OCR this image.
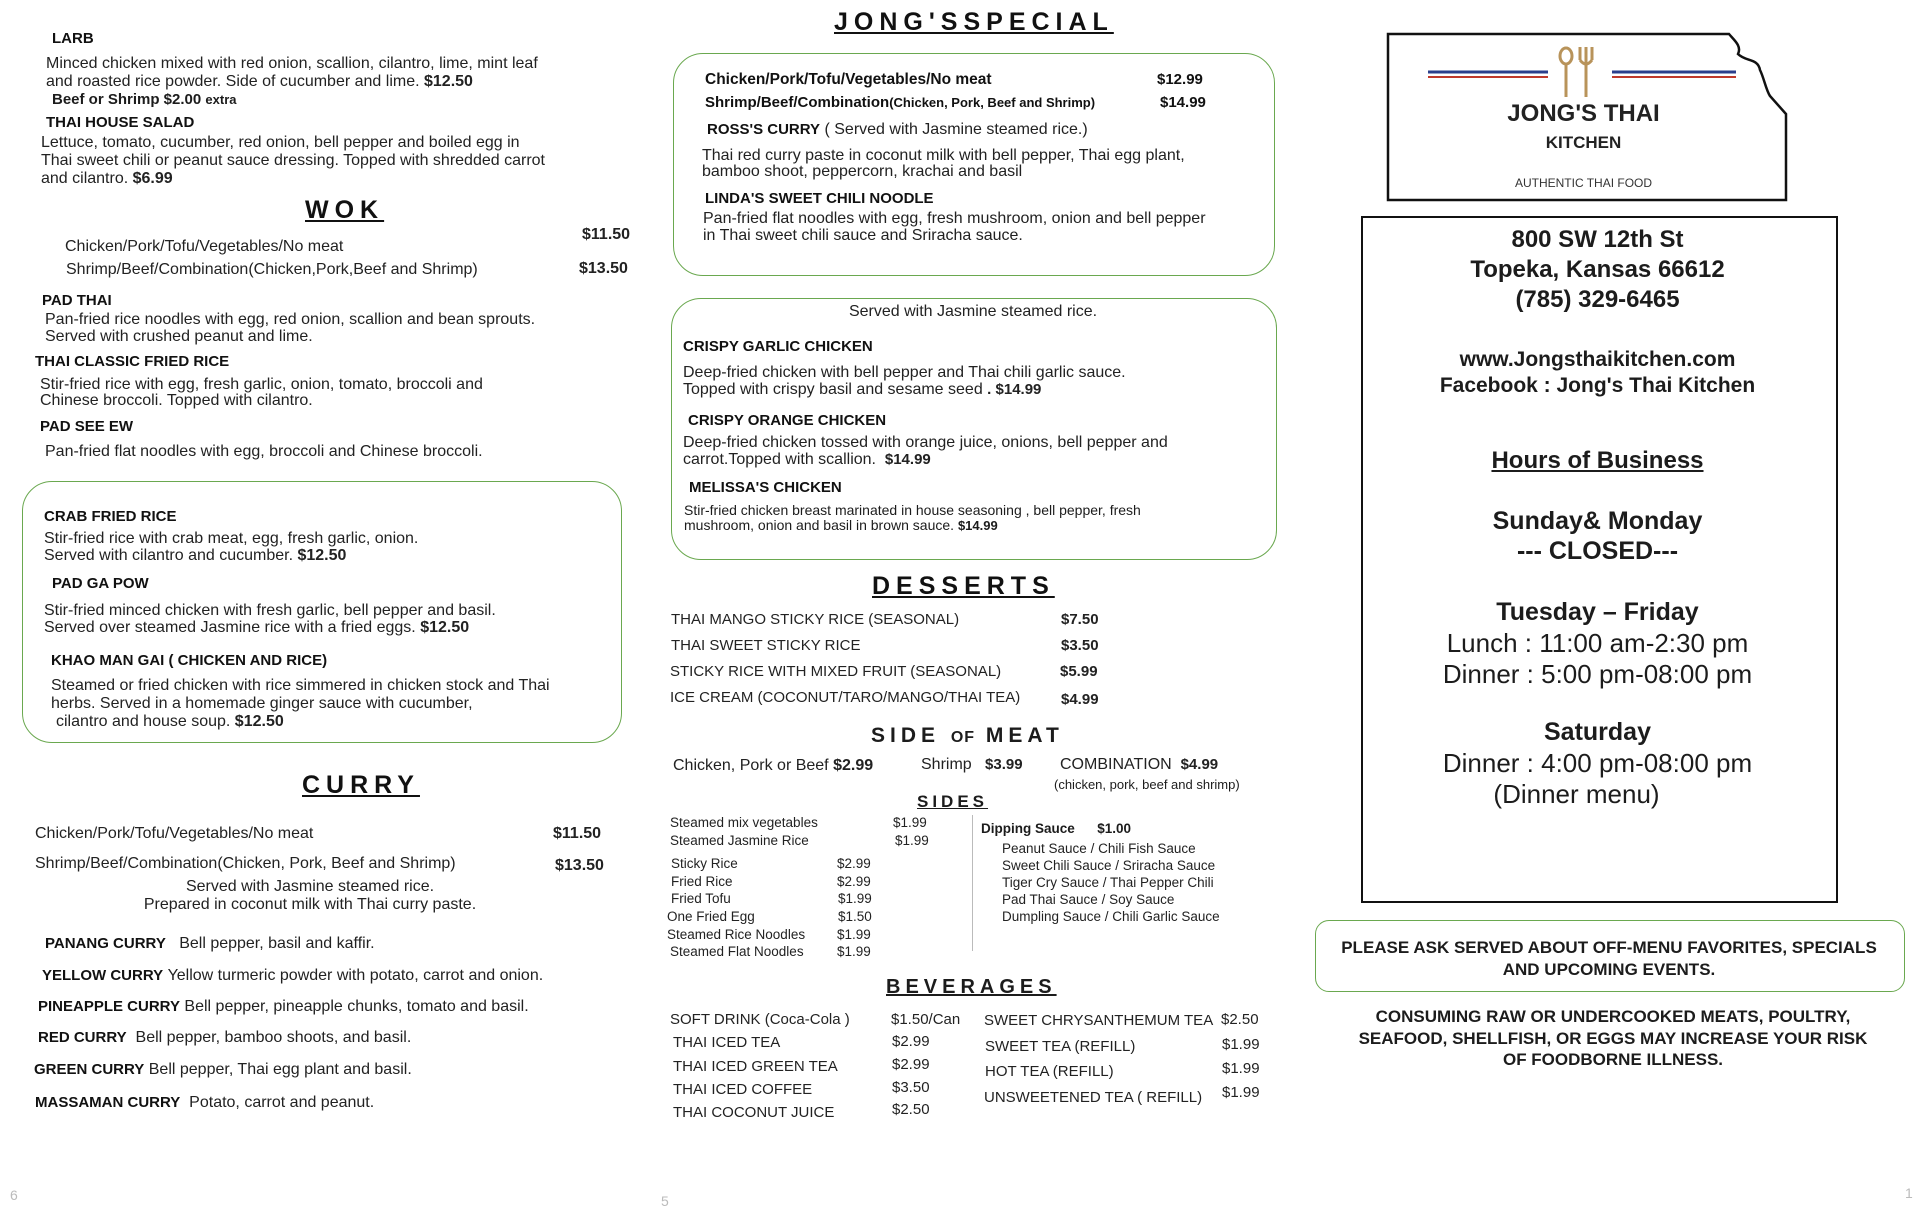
LARB
Minced chicken mixed with red onion, scallion, cilantro, lime, mint leaf
and roasted rice powder. Side of cucumber and lime. $12.50
Beef or Shrimp $2.00 extra
THAI HOUSE SALAD
Lettuce, tomato, cucumber, red onion, bell pepper and boiled egg in
Thai sweet chili or peanut sauce dressing. Topped with shredded carrot
and cilantro. $6.99
WOK
Chicken/Pork/Tofu/Vegetables/No meat
$11.50
Shrimp/Beef/Combination(Chicken,Pork,Beef and Shrimp)	$13.50
PAD THAI
Pan-fried rice noodles with egg, red onion, scallion and bean sprouts.
Served with crushed peanut and lime.
THAI CLASSIC FRIED RICE
Stir-fried rice with egg, fresh garlic, onion, tomato, broccoli and
Chinese broccoli. Topped with cilantro.
PAD SEE EW
Pan-fried flat noodles with egg, broccoli and Chinese broccoli.
CRAB FRIED RICE
Stir-fried rice with crab meat, egg, fresh garlic, onion.
Served with cilantro and cucumber. $12.50
PAD GA POW
Stir-fried minced chicken with fresh garlic, bell pepper and basil.
Served over steamed Jasmine rice with a fried eggs. $12.50
KHAO MAN GAI ( CHICKEN AND RICE)
Steamed or fried chicken with rice simmered in chicken stock and Thai
herbs. Served in a homemade ginger sauce with cucumber,
cilantro and house soup. $12.50
CURRY
Chicken/Pork/Tofu/Vegetables/No meat	$11.50
Shrimp/Beef/Combination(Chicken, Pork, Beef and Shrimp)	$13.50
Served with Jasmine steamed rice.
Prepared in coconut milk with Thai curry paste.
PANANG CURRY Bell pepper, basil and kaffir.
YELLOW CURRY Yellow turmeric powder with potato, carrot and onion.
PINEAPPLE CURRY Bell pepper, pineapple chunks, tomato and basil.
RED CURRY Bell pepper, bamboo shoots, and basil.
GREEN CURRY Bell pepper, Thai egg plant and basil.
MASSAMAN CURRY Potato, carrot and peanut.
JONG'SSPECIAL
Chicken/Pork/Tofu/Vegetables/No meat	$12.99
Shrimp/Beef/Combination(Chicken, Pork, Beef and Shrimp)	$14.99
ROSS'S CURRY ( Served with Jasmine steamed rice.)
Thai red curry paste in coconut milk with bell pepper, Thai egg plant,
bamboo shoot, peppercorn, krachai and basil
LINDA'S SWEET CHILI NOODLE
Pan-fried flat noodles with egg, fresh mushroom, onion and bell pepper
in Thai sweet chili sauce and Sriracha sauce.
Served with Jasmine steamed rice.
CRISPY GARLIC CHICKEN
Deep-fried chicken with bell pepper and Thai chili garlic sauce.
Topped with crispy basil and sesame seed . $14.99
CRISPY ORANGE CHICKEN
Deep-fried chicken tossed with orange juice, onions, bell pepper and
carrot.Topped with scallion. $14.99
MELISSA'S CHICKEN
Stir-fried chicken breast marinated in house seasoning , bell pepper, fresh
mushroom, onion and basil in brown sauce. $14.99
DESSERTS
THAI MANGO STICKY RICE (SEASONAL)	$7.50
THAI SWEET STICKY RICE	$3.50
STICKY RICE WITH MIXED FRUIT (SEASONAL)	$5.99
ICE CREAM (COCONUT/TARO/MANGO/THAI TEA)	$4.99
SIDE OF MEAT
Chicken, Pork or Beef $2.99	Shrimp $3.99 COMBINATION $4.99
(chicken, pork, beef and shrimp)
SIDES
Steamed mix vegetables	$1.99
Steamed Jasmine Rice	$1.99
Sticky Rice	$2.99
Fried Rice	$2.99
Fried Tofu	$1.99
One Fried Egg	$1.50
Steamed Rice Noodles $1.99
Steamed Flat Noodles $1.99
Dipping Sauce $1.00
Peanut Sauce / Chili Fish Sauce
Sweet Chili Sauce / Sriracha Sauce
Tiger Cry Sauce / Thai Pepper Chili
Pad Thai Sauce / Soy Sauce
Dumpling Sauce / Chili Garlic Sauce
BEVERAGES
SOFT DRINK (Coca-Cola )	$1.50/Can
THAI ICED TEA	$2.99
THAI ICED GREEN TEA	$2.99
THAI ICED COFFEE	$3.50
THAI COCONUT JUICE	$2.50
SWEET CHRYSANTHEMUM TEA $2.50
SWEET TEA (REFILL)	$1.99
HOT TEA (REFILL)	$1.99
UNSWEETENED TEA ( REFILL) $1.99
JONG'S THAI
KITCHEN
AUTHENTIC THAI FOOD
800 SW 12th St
Topeka, Kansas 66612
(785) 329-6465
www.Jongsthaikitchen.com
Facebook : Jong's Thai Kitchen
Hours of Business
Sunday& Monday
--- CLOSED---
Tuesday – Friday
Lunch : 11:00 am-2:30 pm
Dinner : 5:00 pm-08:00 pm
Saturday
Dinner : 4:00 pm-08:00 pm
(Dinner menu)
PLEASE ASK SERVED ABOUT OFF-MENU FAVORITES, SPECIALS
AND UPCOMING EVENTS.
CONSUMING RAW OR UNDERCOOKED MEATS, POULTRY,
SEAFOOD, SHELLFISH, OR EGGS MAY INCREASE YOUR RISK
OF FOODBORNE ILLNESS.
6	5	1
